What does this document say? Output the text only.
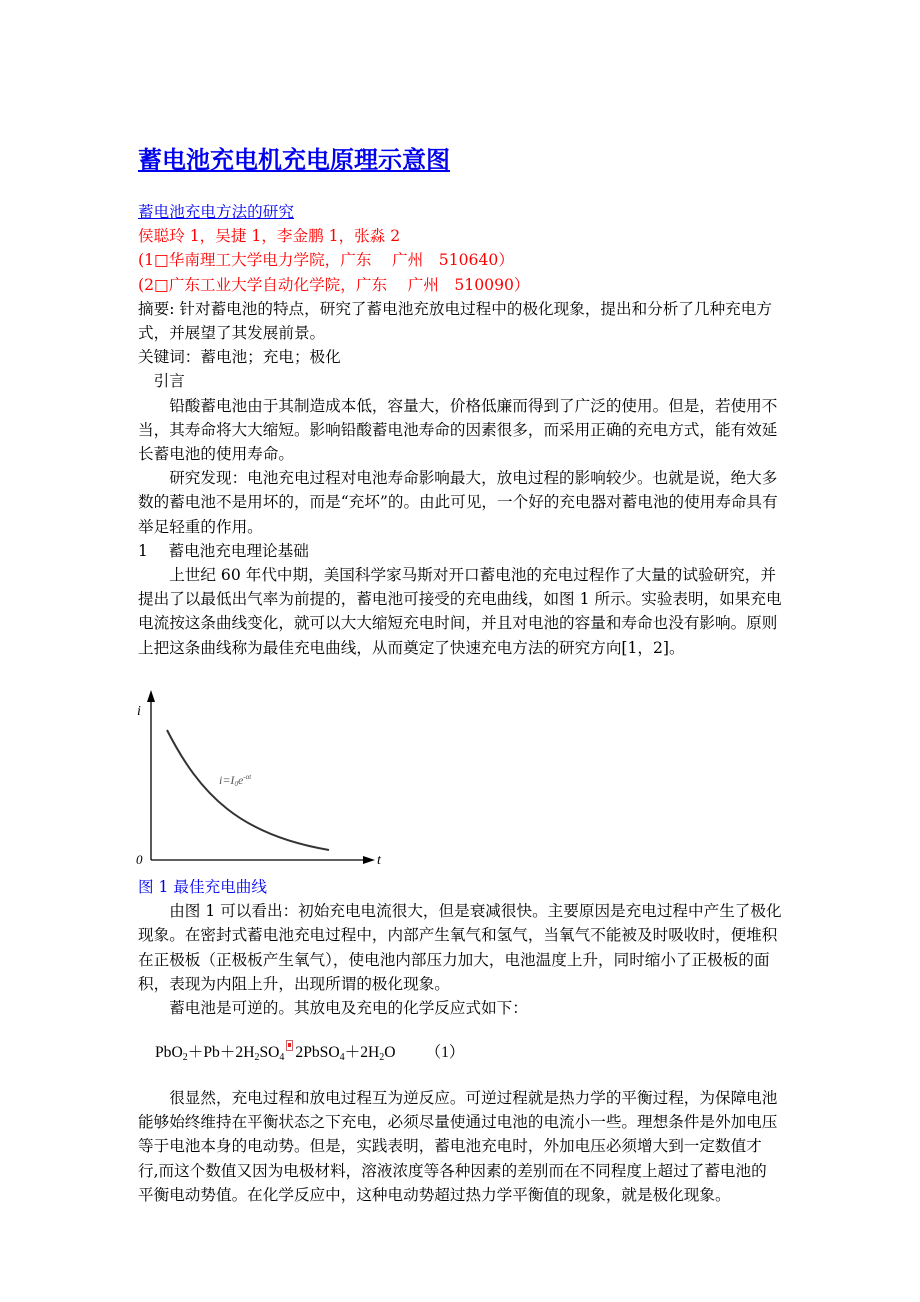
蓄电池充电机充电原理示意图

蓄电池充电方法的研究

侯聪玲 1，吴捷 1，李金鹏 1，张淼 2

(1□华南理工大学电力学院，广东　 广州　510640）

(2□广东工业大学自动化学院，广东　 广州　510090）

摘要: 针对蓄电池的特点，研究了蓄电池充放电过程中的极化现象，提出和分析了几种充电方式，并展望了其发展前景。

关键词：蓄电池；充电；极化

引言

铅酸蓄电池由于其制造成本低，容量大，价格低廉而得到了广泛的使用。但是，若使用不当，其寿命将大大缩短。影响铅酸蓄电池寿命的因素很多，而采用正确的充电方式，能有效延长蓄电池的使用寿命。

研究发现：电池充电过程对电池寿命影响最大，放电过程的影响较少。也就是说，绝大多数的蓄电池不是用坏的，而是“充坏”的。由此可见，一个好的充电器对蓄电池的使用寿命具有举足轻重的作用。

1　 蓄电池充电理论基础

上世纪 60 年代中期，美国科学家马斯对开口蓄电池的充电过程作了大量的试验研究，并提出了以最低出气率为前提的，蓄电池可接受的充电曲线，如图 1 所示。实验表明，如果充电电流按这条曲线变化，就可以大大缩短充电时间，并且对电池的容量和寿命也没有影响。原则上把这条曲线称为最佳充电曲线，从而奠定了快速充电方法的研究方向[1，2]。

i
0	t
$i=I0e^{-\alpha t}$

图 1 最佳充电曲线

由图 1 可以看出：初始充电电流很大，但是衰减很快。主要原因是充电过程中产生了极化现象。在密封式蓄电池充电过程中，内部产生氧气和氢气，当氧气不能被及时吸收时，便堆积在正极板（正极板产生氧气），使电池内部压力加大，电池温度上升，同时缩小了正极板的面积，表现为内阻上升，出现所谓的极化现象。

蓄电池是可逆的。其放电及充电的化学反应式如下：

$PbO_2+Pb+2H_2SO_4$ $2PbSO_4+2H_2O$ （1）

很显然，充电过程和放电过程互为逆反应。可逆过程就是热力学的平衡过程，为保障电池能够始终维持在平衡状态之下充电，必须尽量使通过电池的电流小一些。理想条件是外加电压等于电池本身的电动势。但是，实践表明，蓄电池充电时，外加电压必须增大到一定数值才行,而这个数值又因为电极材料，溶液浓度等各种因素的差别而在不同程度上超过了蓄电池的平衡电动势值。在化学反应中，这种电动势超过热力学平衡值的现象，就是极化现象。
